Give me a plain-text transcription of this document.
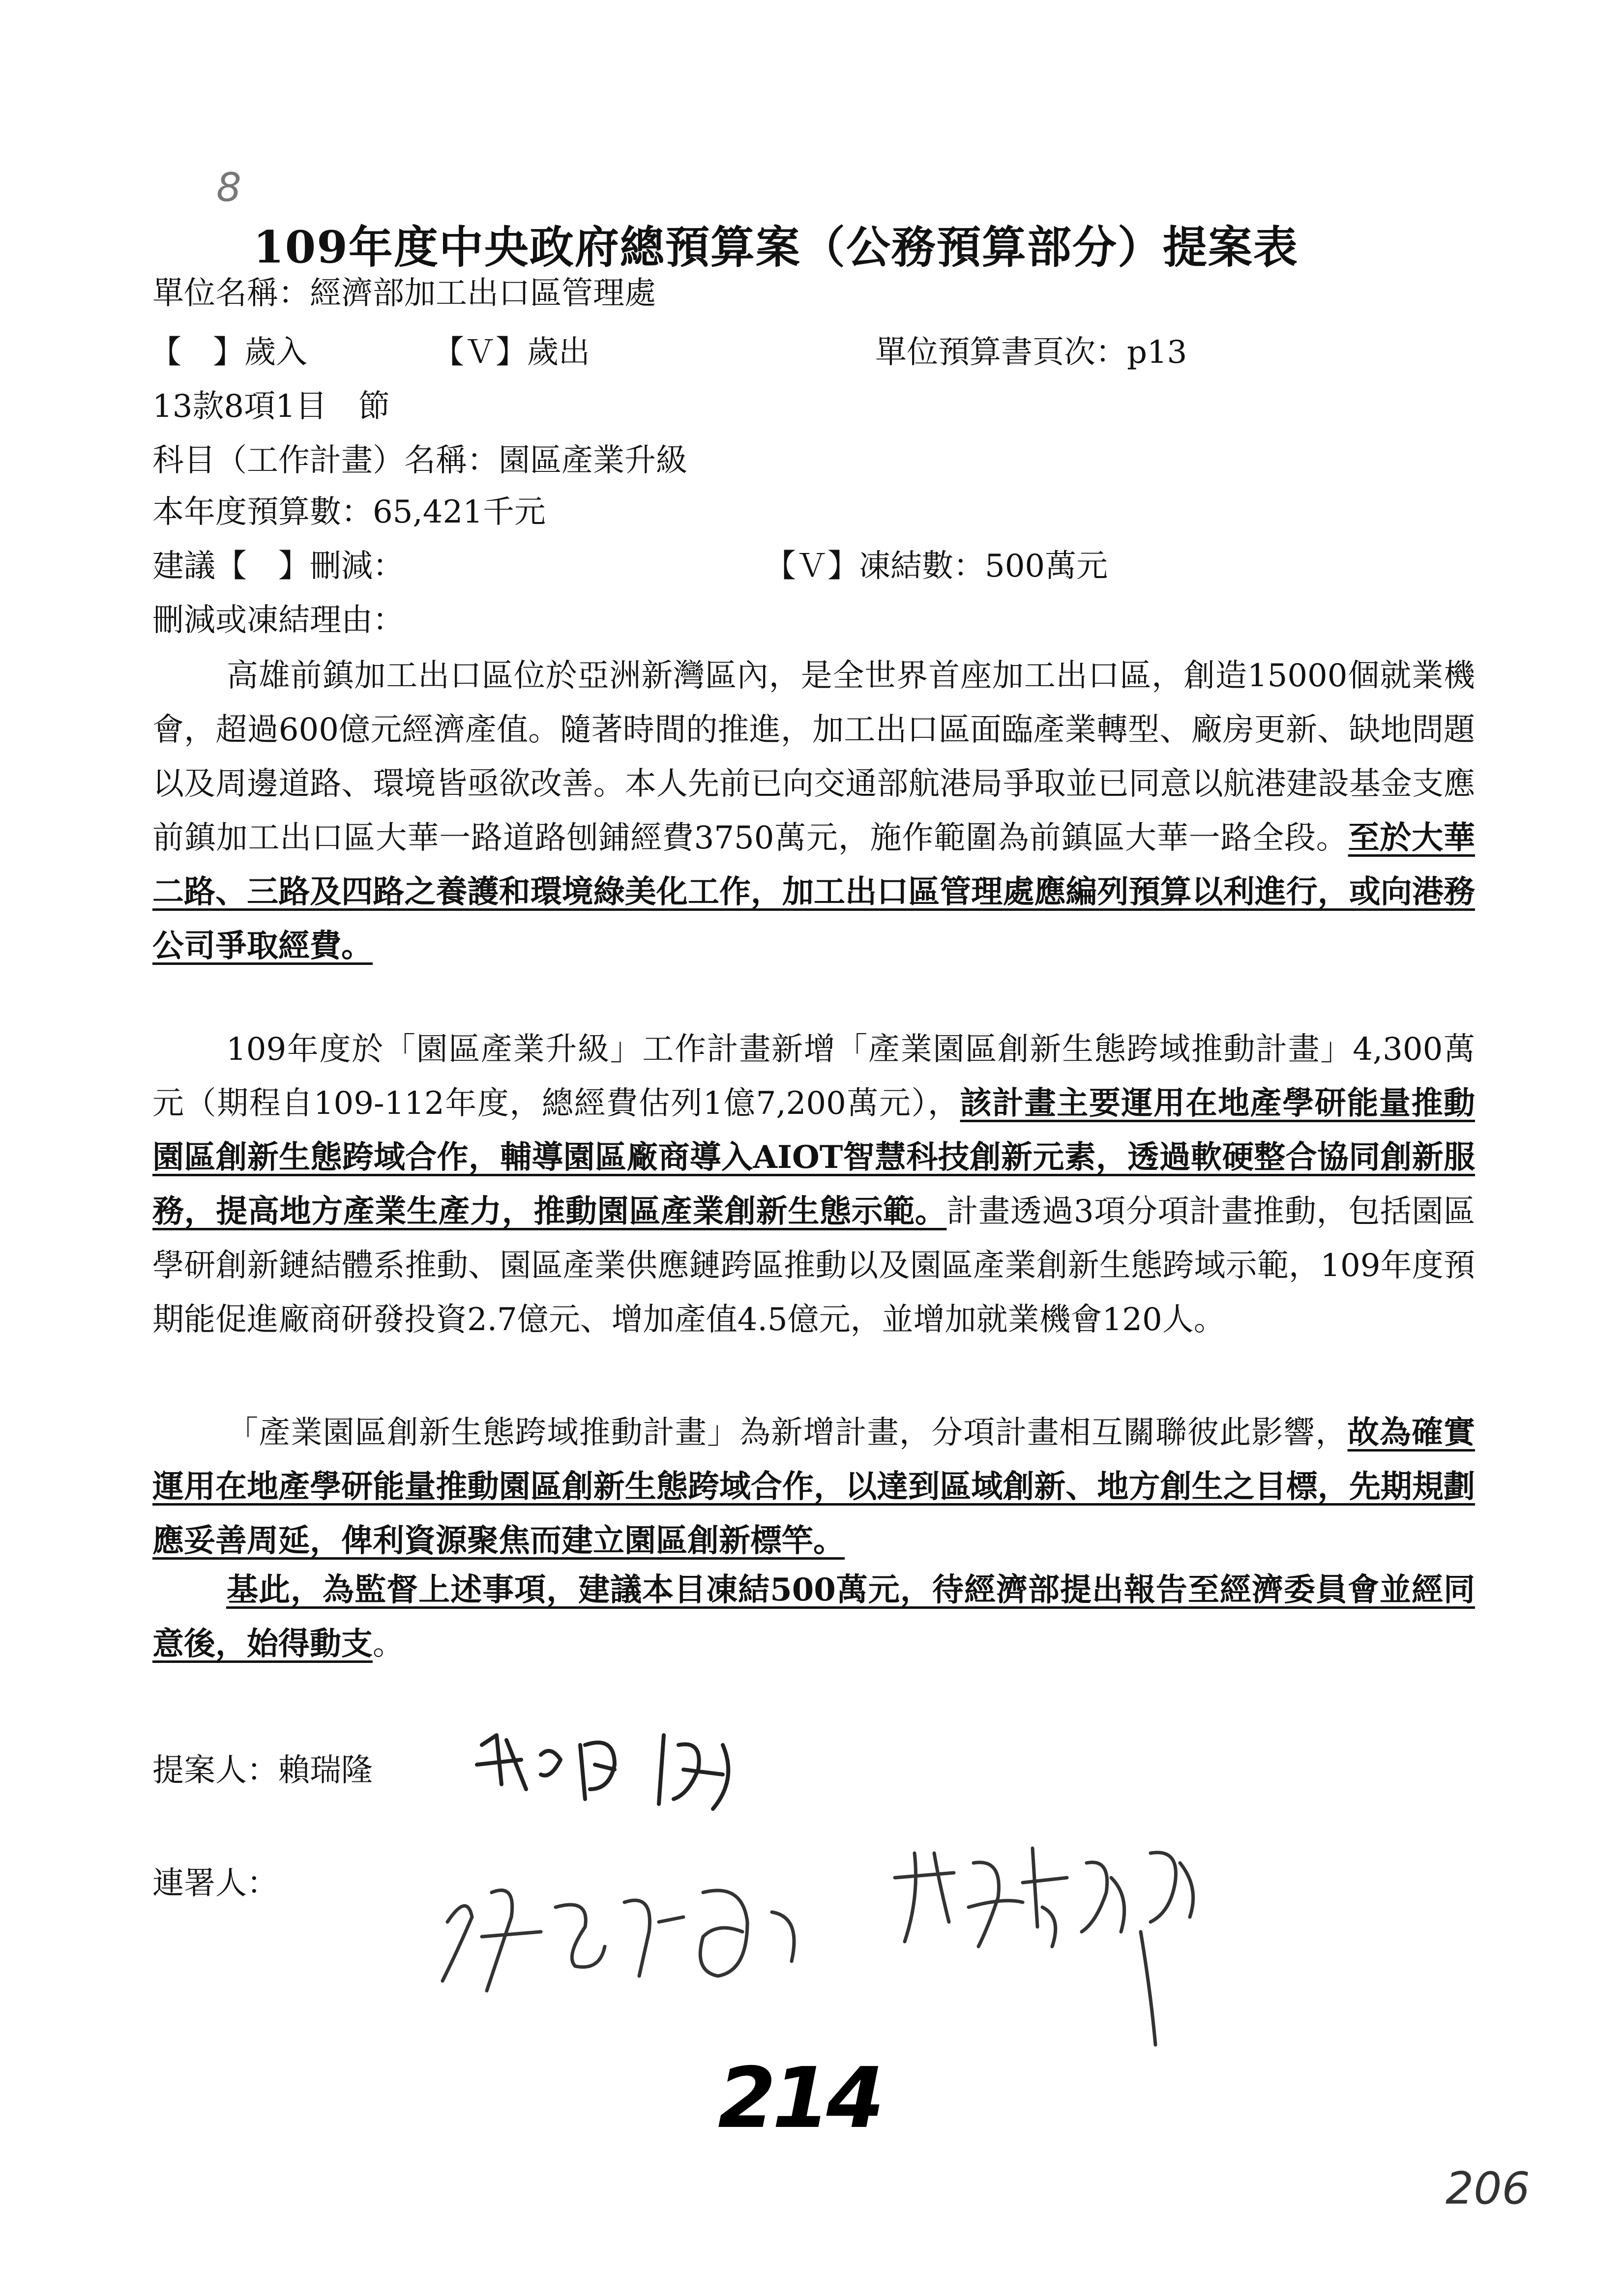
8
109年度中央政府總預算案（公務預算部分）提案表
單位名稱：經濟部加工出口區管理處
【　】歲入	【Ｖ】歲出	單位預算書頁次：p13
13款8項1目　節
科目（工作計畫）名稱：園區產業升級
本年度預算數：65,421千元
建議【　】刪減：	【Ｖ】凍結數：500萬元
刪減或凍結理由：
高雄前鎮加工出口區位於亞洲新灣區內，是全世界首座加工出口區，創造15000個就業機會，超過600億元經濟產值。隨著時間的推進，加工出口區面臨產業轉型、廠房更新、缺地問題以及周邊道路、環境皆亟欲改善。本人先前已向交通部航港局爭取並已同意以航港建設基金支應前鎮加工出口區大華一路道路刨鋪經費3750萬元，施作範圍為前鎮區大華一路全段。至於大華二路、三路及四路之養護和環境綠美化工作，加工出口區管理處應編列預算以利進行，或向港務公司爭取經費。
109年度於「園區產業升級」工作計畫新增「產業園區創新生態跨域推動計畫」4,300萬元（期程自109-112年度，總經費估列1億7,200萬元），該計畫主要運用在地產學研能量推動園區創新生態跨域合作，輔導園區廠商導入AIOT智慧科技創新元素，透過軟硬整合協同創新服務，提高地方產業生產力，推動園區產業創新生態示範。計畫透過3項分項計畫推動，包括園區學研創新鏈結體系推動、園區產業供應鏈跨區推動以及園區產業創新生態跨域示範，109年度預期能促進廠商研發投資2.7億元、增加產值4.5億元，並增加就業機會120人。
「產業園區創新生態跨域推動計畫」為新增計畫，分項計畫相互關聯彼此影響，故為確實運用在地產學研能量推動園區創新生態跨域合作，以達到區域創新、地方創生之目標，先期規劃應妥善周延，俾利資源聚焦而建立園區創新標竿。
基此，為監督上述事項，建議本目凍結500萬元，待經濟部提出報告至經濟委員會並經同意後，始得動支。
提案人：賴瑞隆
連署人：
214
206
